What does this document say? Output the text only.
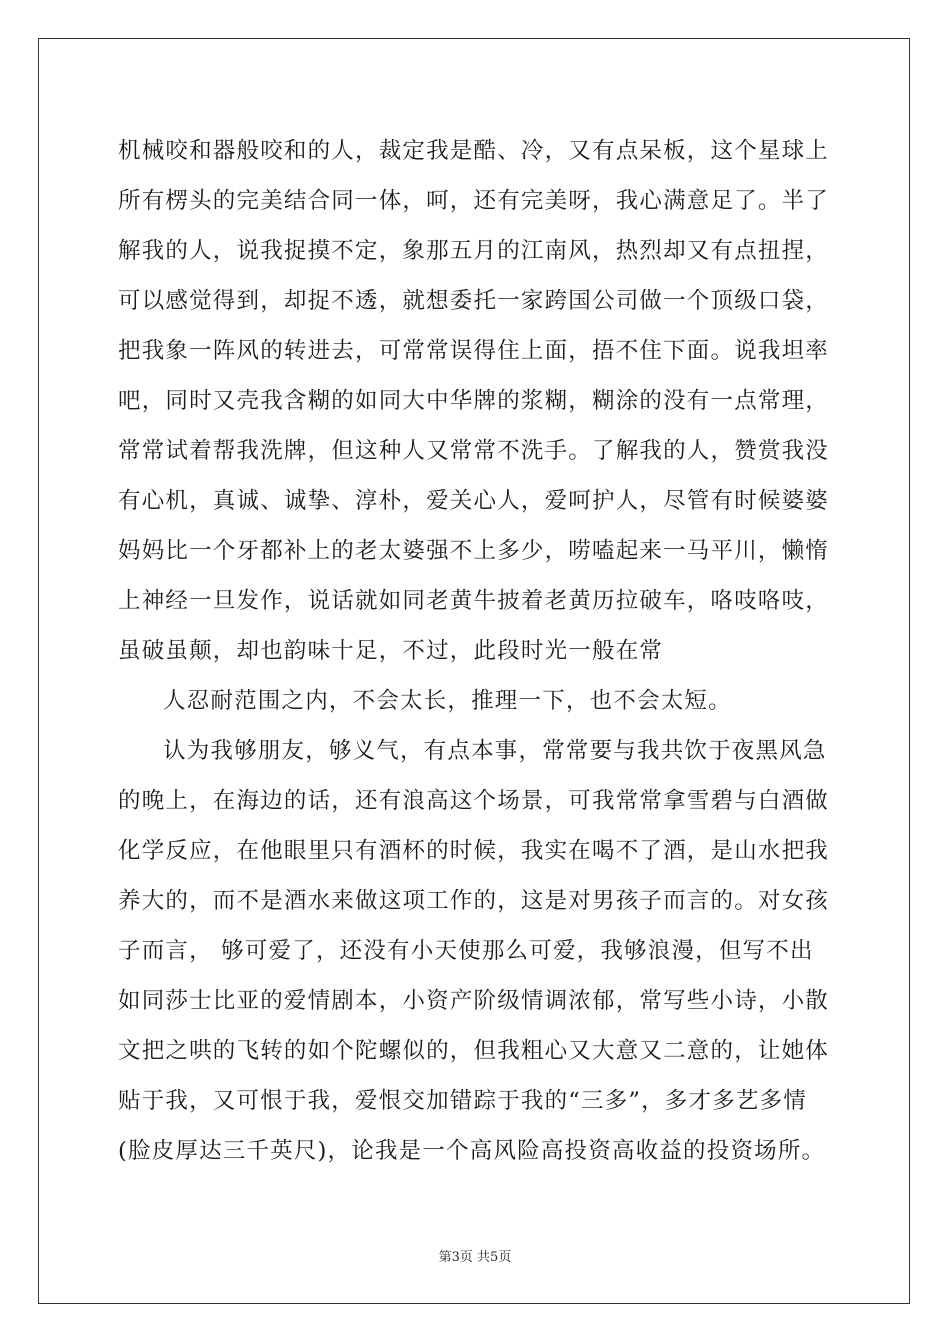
机械咬和器般咬和的人，裁定我是酷、冷，又有点呆板，这个星球上
所有楞头的完美结合同一体，呵，还有完美呀，我心满意足了。半了
解我的人，说我捉摸不定，象那五月的江南风，热烈却又有点扭捏，
可以感觉得到，却捉不透，就想委托一家跨国公司做一个顶级口袋，
把我象一阵风的转进去，可常常误得住上面，捂不住下面。说我坦率
吧，同时又壳我含糊的如同大中华牌的浆糊，糊涂的没有一点常理，
常常试着帮我洗牌，但这种人又常常不洗手。了解我的人，赞赏我没
有心机，真诚、诚挚、淳朴，爱关心人，爱呵护人，尽管有时候婆婆
妈妈比一个牙都补上的老太婆强不上多少，唠嗑起来一马平川，懒惰
上神经一旦发作，说话就如同老黄牛披着老黄历拉破车，咯吱咯吱，
虽破虽颠，却也韵味十足，不过，此段时光一般在常
人忍耐范围之内，不会太长，推理一下，也不会太短。
认为我够朋友，够义气，有点本事，常常要与我共饮于夜黑风急
的晚上，在海边的话，还有浪高这个场景，可我常常拿雪碧与白酒做
化学反应，在他眼里只有酒杯的时候，我实在喝不了酒，是山水把我
养大的，而不是酒水来做这项工作的，这是对男孩子而言的。对女孩
子而言， 够可爱了，还没有小天使那么可爱，我够浪漫，但写不出
如同莎士比亚的爱情剧本，小资产阶级情调浓郁，常写些小诗，小散
文把之哄的飞转的如个陀螺似的，但我粗心又大意又二意的，让她体
贴于我，又可恨于我，爱恨交加错踪于我的“三多”，多才多艺多情
(脸皮厚达三千英尺)，论我是一个高风险高投资高收益的投资场所。
第3页 共5页
